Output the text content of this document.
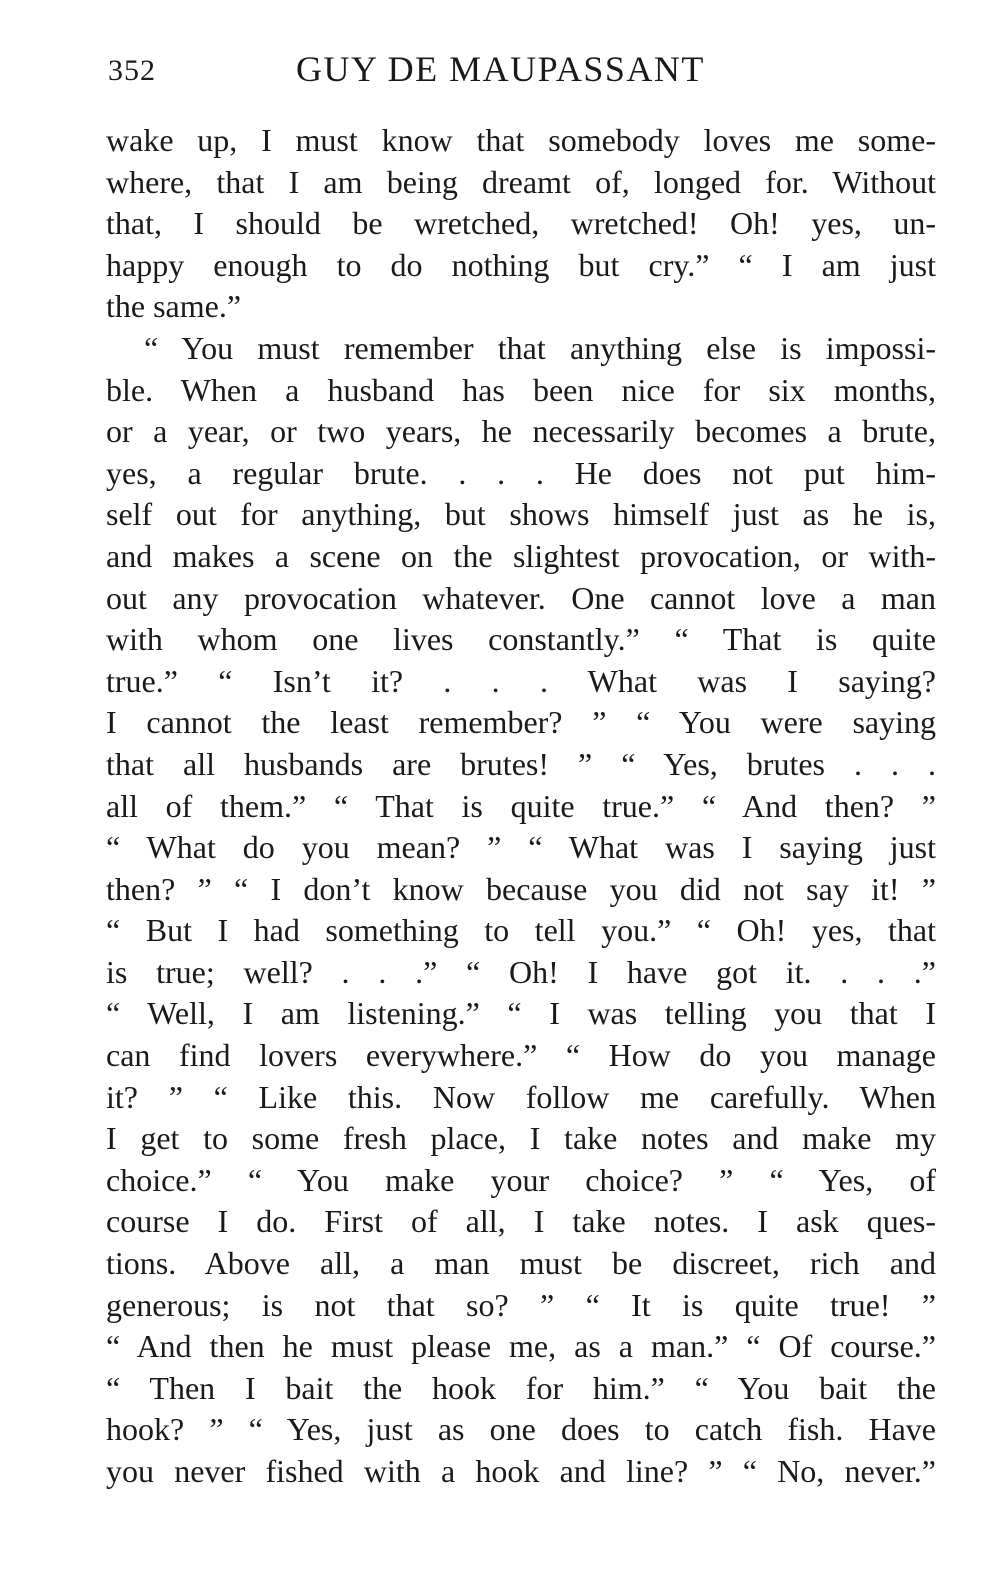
352	GUY DE MAUPASSANT
wake up, I must know that somebody loves me some-
where, that I am being dreamt of, longed for. Without
that, I should be wretched, wretched! Oh! yes, un-
happy enough to do nothing but cry.” “ I am just
the same.”
“ You must remember that anything else is impossi-
ble. When a husband has been nice for six months,
or a year, or two years, he necessarily becomes a brute,
yes, a regular brute. . . . He does not put him-
self out for anything, but shows himself just as he is,
and makes a scene on the slightest provocation, or with-
out any provocation whatever. One cannot love a man
with whom one lives constantly.” “ That is quite
true.” “ Isn’t it? . . . What was I saying?
I cannot the least remember? ” “ You were saying
that all husbands are brutes! ” “ Yes, brutes . . .
all of them.” “ That is quite true.” “ And then? ”
“ What do you mean? ” “ What was I saying just
then? ” “ I don’t know because you did not say it! ”
“ But I had something to tell you.” “ Oh! yes, that
is true; well? . . .” “ Oh! I have got it. . . .”
“ Well, I am listening.” “ I was telling you that I
can find lovers everywhere.” “ How do you manage
it? ” “ Like this. Now follow me carefully. When
I get to some fresh place, I take notes and make my
choice.” “ You make your choice? ” “ Yes, of
course I do. First of all, I take notes. I ask ques-
tions. Above all, a man must be discreet, rich and
generous; is not that so? ” “ It is quite true! ”
“ And then he must please me, as a man.” “ Of course.”
“ Then I bait the hook for him.” “ You bait the
hook? ” “ Yes, just as one does to catch fish. Have
you never fished with a hook and line? ” “ No, never.”
